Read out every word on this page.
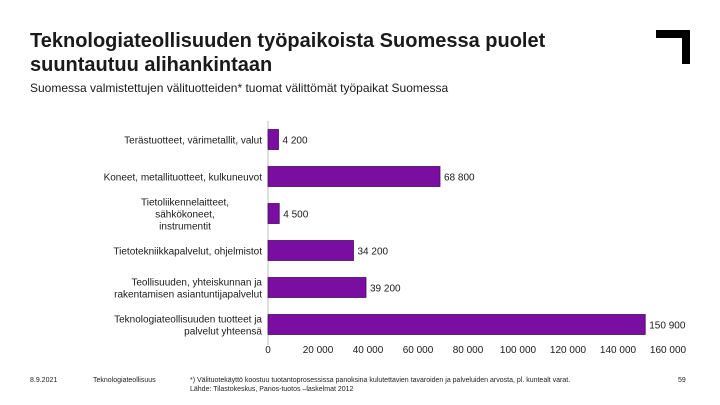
Teknologiateollisuuden työpaikoista Suomessa puolet suuntautuu alihankintaan
Suomessa valmistettujen välituotteiden* tuomat välittömät työpaikat Suomessa
4 200
Terästuotteet, värimetallit, valut
68 800
Koneet, metallituotteet, kulkuneuvot
4 500
Tietoliikennelaitteet,
sähkökoneet,
instrumentit
34 200
Tietotekniikkapalvelut, ohjelmistot
39 200
Teollisuuden, yhteiskunnan ja
rakentamisen asiantuntijapalvelut
150 900
Teknologiateollisuuden tuotteet ja
palvelut yhteensä
0	20 000 40 000 60 000 80 000 100 000 120 000 140 000 160 000
8.9.2021	Teknologiateollisuus	*) Välituotekäyttö koostuu tuotantoprosessissa panoksina kulutettavien tavaroiden ja palveluiden arvosta, pl. kuntealt varat.
Lähde: Tilastokeskus, Panos-tuotos –laskelmat 2012
59
